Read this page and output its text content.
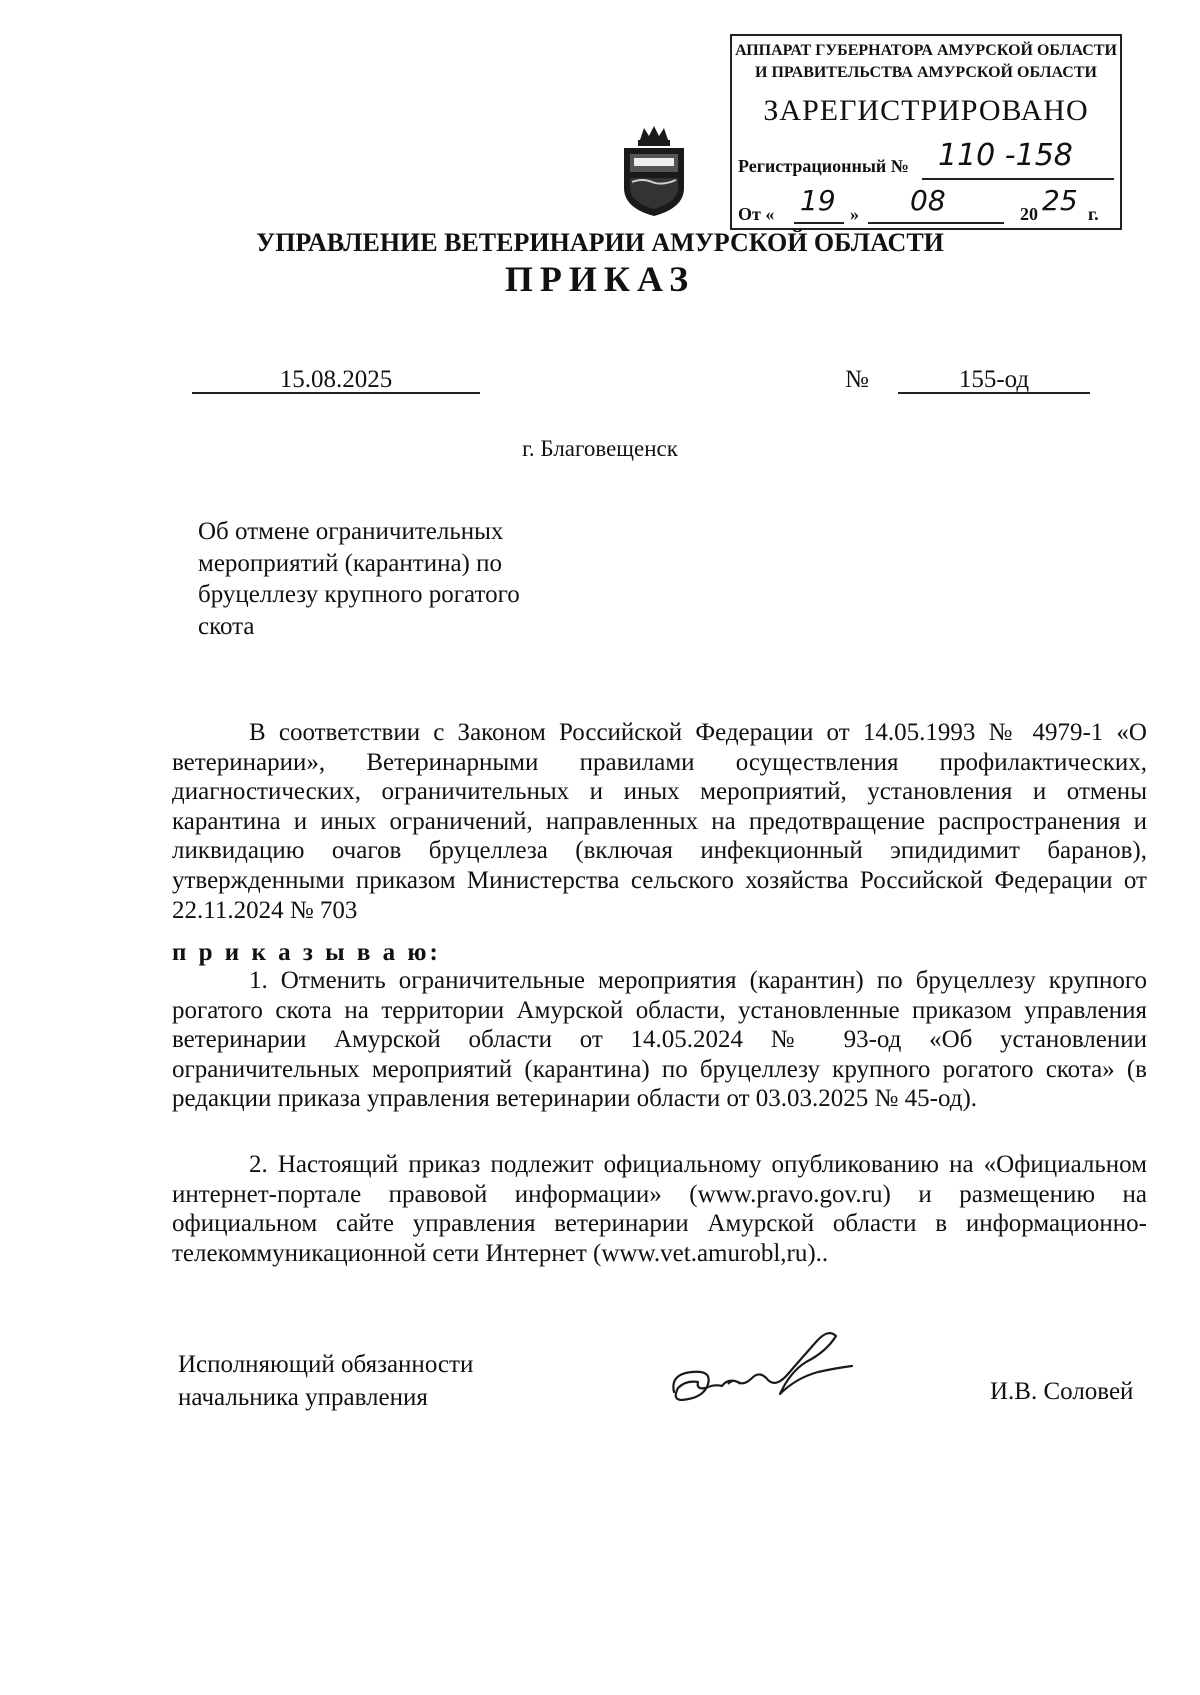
АППАРАТ ГУБЕРНАТОРА АМУРСКОЙ ОБЛАСТИ
И ПРАВИТЕЛЬСТВА АМУРСКОЙ ОБЛАСТИ
ЗАРЕГИСТРИРОВАНО
Регистрационный № 110 -158
От « 19 » 08	20 25 г.
УПРАВЛЕНИЕ ВЕТЕРИНАРИИ АМУРСКОЙ ОБЛАСТИ
ПРИКАЗ
15.08.2025	№	155-од
г. Благовещенск
Об отмене ограничительных
мероприятий (карантина) по
бруцеллезу крупного рогатого
скота
В соответствии с Законом Российской Федерации от 14.05.1993 № 4979-1 «О ветеринарии», Ветеринарными правилами осуществления профилактических, диагностических, ограничительных и иных мероприятий, установления и отмены карантина и иных ограничений, направленных на предотвращение распространения и ликвидацию очагов бруцеллеза (включая инфекционный эпидидимит баранов), утвержденными приказом Министерства сельского хозяйства Российской Федерации от 22.11.2024 № 703
п р и к а з ы в а ю:
1. Отменить ограничительные мероприятия (карантин) по бруцеллезу крупного рогатого скота на территории Амурской области, установленные приказом управления ветеринарии Амурской области от 14.05.2024 № 93-од «Об установлении ограничительных мероприятий (карантина) по бруцеллезу крупного рогатого скота» (в редакции приказа управления ветеринарии области от 03.03.2025 № 45-од).
2. Настоящий приказ подлежит официальному опубликованию на «Официальном интернет-портале правовой информации» (www.pravo.gov.ru) и размещению на официальном сайте управления ветеринарии Амурской области в информационно-телекоммуникационной сети Интернет (www.vet.amurobl,ru)..
Исполняющий обязанности
начальника управления	И.В. Соловей
